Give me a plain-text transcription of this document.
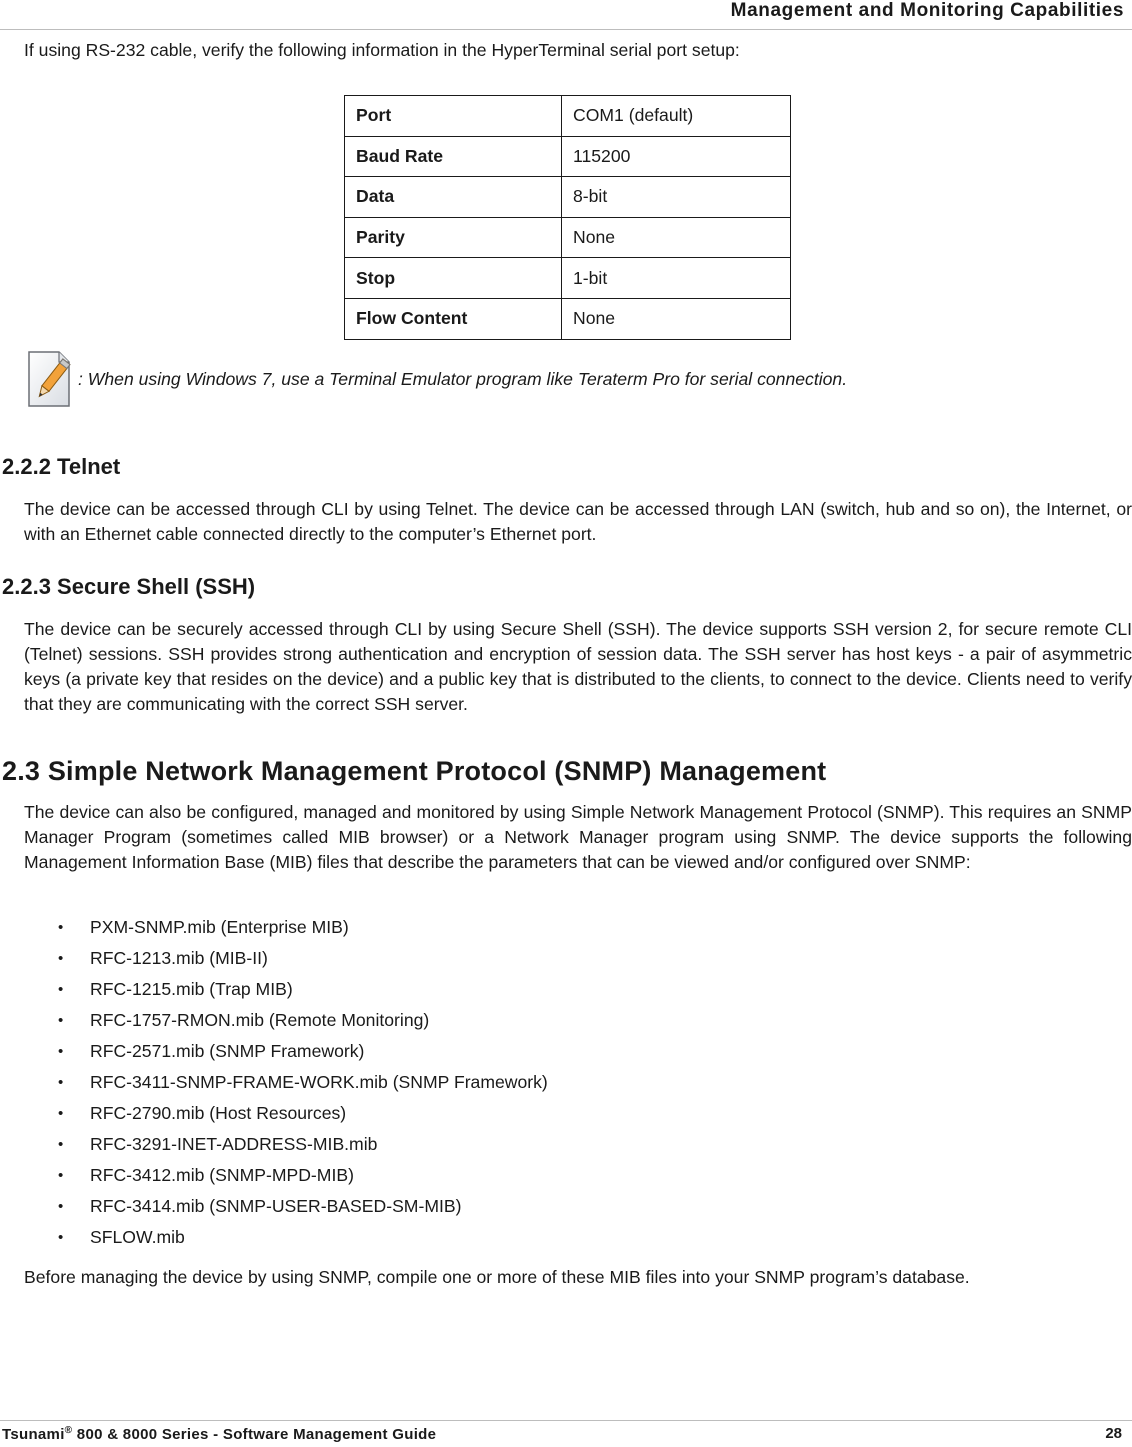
Management and Monitoring Capabilities

If using RS-232 cable, verify the following information in the HyperTerminal serial port setup:

Port	COM1 (default)
Baud Rate	115200
Data	8-bit
Parity	None
Stop	1-bit
Flow Content	None
: When using Windows 7, use a Terminal Emulator program like Teraterm Pro for serial connection.
2.2.2 Telnet

The device can be accessed through CLI by using Telnet. The device can be accessed through LAN (switch, hub and so on), the Internet, or with an Ethernet cable connected directly to the computer’s Ethernet port.

2.2.3 Secure Shell (SSH)

The device can be securely accessed through CLI by using Secure Shell (SSH). The device supports SSH version 2, for secure remote CLI (Telnet) sessions. SSH provides strong authentication and encryption of session data. The SSH server has host keys - a pair of asymmetric keys (a private key that resides on the device) and a public key that is distributed to the clients, to connect to the device. Clients need to verify that they are communicating with the correct SSH server.

2.3 Simple Network Management Protocol (SNMP) Management

The device can also be configured, managed and monitored by using Simple Network Management Protocol (SNMP). This requires an SNMP Manager Program (sometimes called MIB browser) or a Network Manager program using SNMP. The device supports the following Management Information Base (MIB) files that describe the parameters that can be viewed and/or configured over SNMP:

• PXM-SNMP.mib (Enterprise MIB)
• RFC-1213.mib (MIB-II)
• RFC-1215.mib (Trap MIB)
• RFC-1757-RMON.mib (Remote Monitoring)
• RFC-2571.mib (SNMP Framework)
• RFC-3411-SNMP-FRAME-WORK.mib (SNMP Framework)
• RFC-2790.mib (Host Resources)
• RFC-3291-INET-ADDRESS-MIB.mib
• RFC-3412.mib (SNMP-MPD-MIB)
• RFC-3414.mib (SNMP-USER-BASED-SM-MIB)
• SFLOW.mib

Before managing the device by using SNMP, compile one or more of these MIB files into your SNMP program’s database.

Tsunami® 800 & 8000 Series - Software Management Guide	28
